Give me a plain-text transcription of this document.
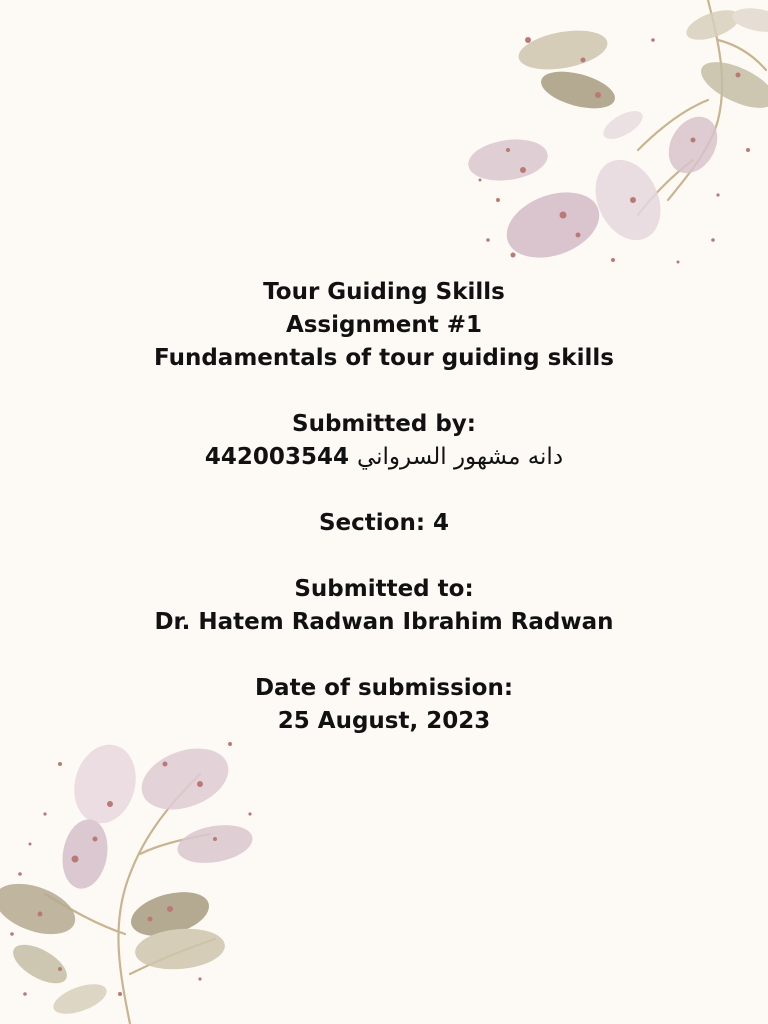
Tour Guiding Skills
Assignment #1
Fundamentals of tour guiding skills
Submitted by:
442003544 دانه مشهور السرواني
Section: 4
Submitted to:
Dr. Hatem Radwan Ibrahim Radwan
Date of submission:
25 August, 2023
